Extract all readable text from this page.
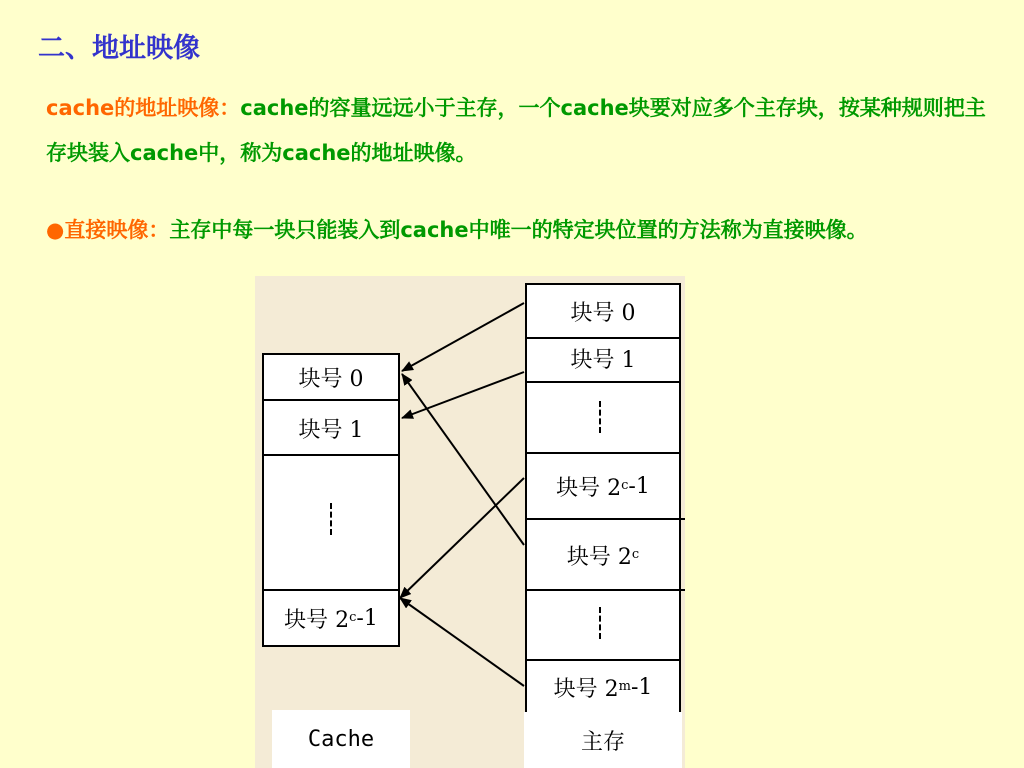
二、地址映像
cache的地址映像：cache的容量远远小于主存，一个cache块要对应多个主存块，按某种规则把主存块装入cache中，称为cache的地址映像。
●直接映像：主存中每一块只能装入到cache中唯一的特定块位置的方法称为直接映像。
块号 0
块号 1
块号 2 c -1
块号 0
块号 1
块号 2 c -1
块号 2 c
块号 2 m -1
Cache	主存
